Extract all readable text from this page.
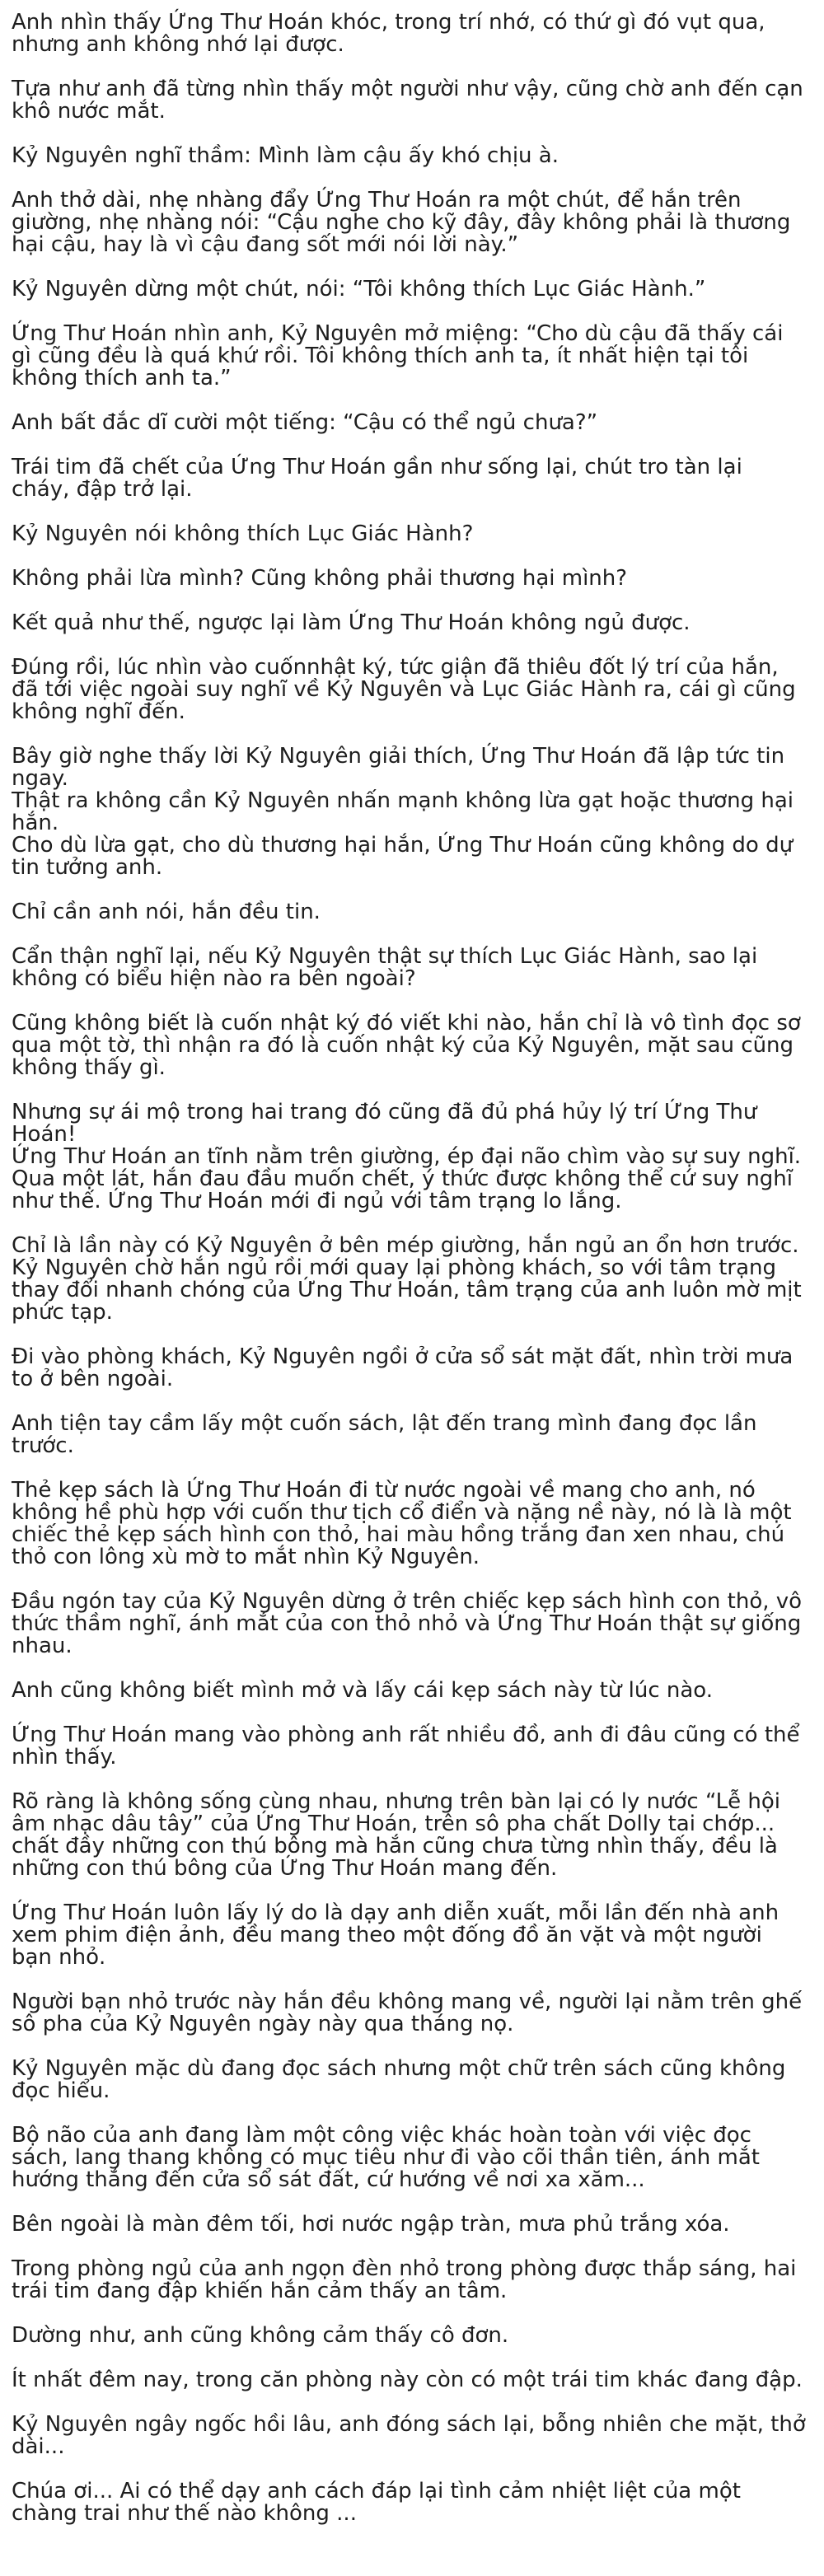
Anh nhìn thấy Ứng Thư Hoán khóc, trong trí nhớ, có thứ gì đó vụt qua, nhưng anh không nhớ lại được.

Tựa như anh đã từng nhìn thấy một người như vậy, cũng chờ anh đến cạn khô nước mắt.

Kỷ Nguyên nghĩ thầm: Mình làm cậu ấy khó chịu à.

Anh thở dài, nhẹ nhàng đẩy Ứng Thư Hoán ra một chút, để hắn trên giường, nhẹ nhàng nói: “Cậu nghe cho kỹ đây, đây không phải là thương hại cậu, hay là vì cậu đang sốt mới nói lời này.”

Kỷ Nguyên dừng một chút, nói: “Tôi không thích Lục Giác Hành.”

Ứng Thư Hoán nhìn anh, Kỷ Nguyên mở miệng: “Cho dù cậu đã thấy cái gì cũng đều là quá khứ rồi. Tôi không thích anh ta, ít nhất hiện tại tôi không thích anh ta.”

Anh bất đắc dĩ cười một tiếng: “Cậu có thể ngủ chưa?”

Trái tim đã chết của Ứng Thư Hoán gần như sống lại, chút tro tàn lại cháy, đập trở lại.

Kỷ Nguyên nói không thích Lục Giác Hành?

Không phải lừa mình? Cũng không phải thương hại mình?

Kết quả như thế, ngược lại làm Ứng Thư Hoán không ngủ được.

Đúng rồi, lúc nhìn vào cuốnnhật ký, tức giận đã thiêu đốt lý trí của hắn, đã tới việc ngoài suy nghĩ về Kỷ Nguyên và Lục Giác Hành ra, cái gì cũng không nghĩ đến.

Bây giờ nghe thấy lời Kỷ Nguyên giải thích, Ứng Thư Hoán đã lập tức tin ngay.
Thật ra không cần Kỷ Nguyên nhấn mạnh không lừa gạt hoặc thương hại hắn.
Cho dù lừa gạt, cho dù thương hại hắn, Ứng Thư Hoán cũng không do dự tin tưởng anh.

Chỉ cần anh nói, hắn đều tin.

Cẩn thận nghĩ lại, nếu Kỷ Nguyên thật sự thích Lục Giác Hành, sao lại không có biểu hiện nào ra bên ngoài?

Cũng không biết là cuốn nhật ký đó viết khi nào, hắn chỉ là vô tình đọc sơ qua một tờ, thì nhận ra đó là cuốn nhật ký của Kỷ Nguyên, mặt sau cũng không thấy gì.

Nhưng sự ái mộ trong hai trang đó cũng đã đủ phá hủy lý trí Ứng Thư Hoán!
Ứng Thư Hoán an tĩnh nằm trên giường, ép đại não chìm vào sự suy nghĩ.
Qua một lát, hắn đau đầu muốn chết, ý thức được không thể cứ suy nghĩ như thế. Ứng Thư Hoán mới đi ngủ với tâm trạng lo lắng.

Chỉ là lần này có Kỷ Nguyên ở bên mép giường, hắn ngủ an ổn hơn trước.
Kỷ Nguyên chờ hắn ngủ rồi mới quay lại phòng khách, so với tâm trạng thay đổi nhanh chóng của Ứng Thư Hoán, tâm trạng của anh luôn mờ mịt phức tạp.

Đi vào phòng khách, Kỷ Nguyên ngồi ở cửa sổ sát mặt đất, nhìn trời mưa to ở bên ngoài.

Anh tiện tay cầm lấy một cuốn sách, lật đến trang mình đang đọc lần trước.

Thẻ kẹp sách là Ứng Thư Hoán đi từ nước ngoài về mang cho anh, nó không hề phù hợp với cuốn thư tịch cổ điển và nặng nề này, nó là là một chiếc thẻ kẹp sách hình con thỏ, hai màu hồng trắng đan xen nhau, chú thỏ con lông xù mờ to mắt nhìn Kỷ Nguyên.

Đầu ngón tay của Kỷ Nguyên dừng ở trên chiếc kẹp sách hình con thỏ, vô thức thầm nghĩ, ánh mắt của con thỏ nhỏ và Ứng Thư Hoán thật sự giống nhau.

Anh cũng không biết mình mở và lấy cái kẹp sách này từ lúc nào.

Ứng Thư Hoán mang vào phòng anh rất nhiều đồ, anh đi đâu cũng có thể nhìn thấy.

Rõ ràng là không sống cùng nhau, nhưng trên bàn lại có ly nước “Lễ hội âm nhạc dâu tây” của Ứng Thư Hoán, trên sô pha chất Dolly tai chớp... chất đầy những con thú bông mà hắn cũng chưa từng nhìn thấy, đều là những con thú bông của Ứng Thư Hoán mang đến.

Ứng Thư Hoán luôn lấy lý do là dạy anh diễn xuất, mỗi lần đến nhà anh xem phim điện ảnh, đều mang theo một đống đồ ăn vặt và một người bạn nhỏ.

Người bạn nhỏ trước này hắn đều không mang về, người lại nằm trên ghế sô pha của Kỷ Nguyên ngày này qua tháng nọ.

Kỷ Nguyên mặc dù đang đọc sách nhưng một chữ trên sách cũng không đọc hiểu.

Bộ não của anh đang làm một công việc khác hoàn toàn với việc đọc sách, lang thang không có mục tiêu như đi vào cõi thần tiên, ánh mắt hướng thẳng đến cửa sổ sát đất, cứ hướng về nơi xa xăm...

Bên ngoài là màn đêm tối, hơi nước ngập tràn, mưa phủ trắng xóa.

Trong phòng ngủ của anh ngọn đèn nhỏ trong phòng được thắp sáng, hai trái tim đang đập khiến hắn cảm thấy an tâm.

Dường như, anh cũng không cảm thấy cô đơn.

Ít nhất đêm nay, trong căn phòng này còn có một trái tim khác đang đập.

Kỷ Nguyên ngây ngốc hồi lâu, anh đóng sách lại, bỗng nhiên che mặt, thở dài...

Chúa ơi... Ai có thể dạy anh cách đáp lại tình cảm nhiệt liệt của một chàng trai như thế nào không ...
